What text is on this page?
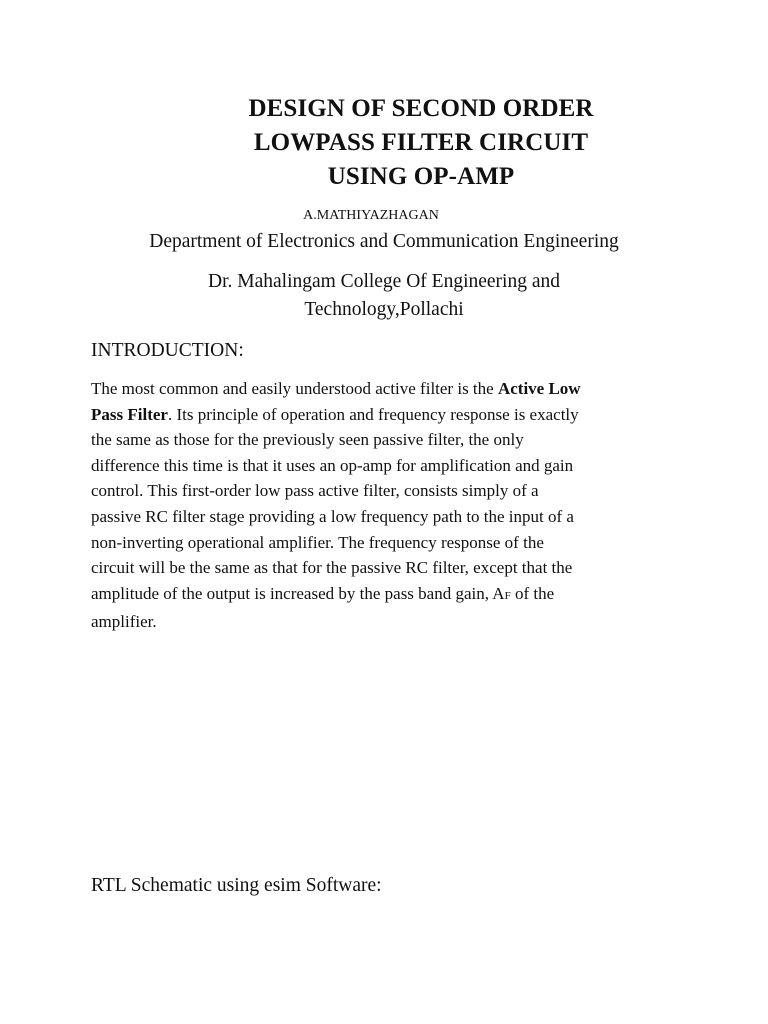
DESIGN OF SECOND ORDER
LOWPASS FILTER CIRCUIT
USING OP-AMP
A.MATHIYAZHAGAN
Department of Electronics and Communication Engineering
Dr. Mahalingam College Of Engineering and
Technology,Pollachi
INTRODUCTION:
The most common and easily understood active filter is the Active Low
Pass Filter. Its principle of operation and frequency response is exactly
the same as those for the previously seen passive filter, the only
difference this time is that it uses an op-amp for amplification and gain
control. This first-order low pass active filter, consists simply of a
passive RC filter stage providing a low frequency path to the input of a
non-inverting operational amplifier. The frequency response of the
circuit will be the same as that for the passive RC filter, except that the
amplitude of the output is increased by the pass band gain, AF of the
amplifier.
RTL Schematic using esim Software:
